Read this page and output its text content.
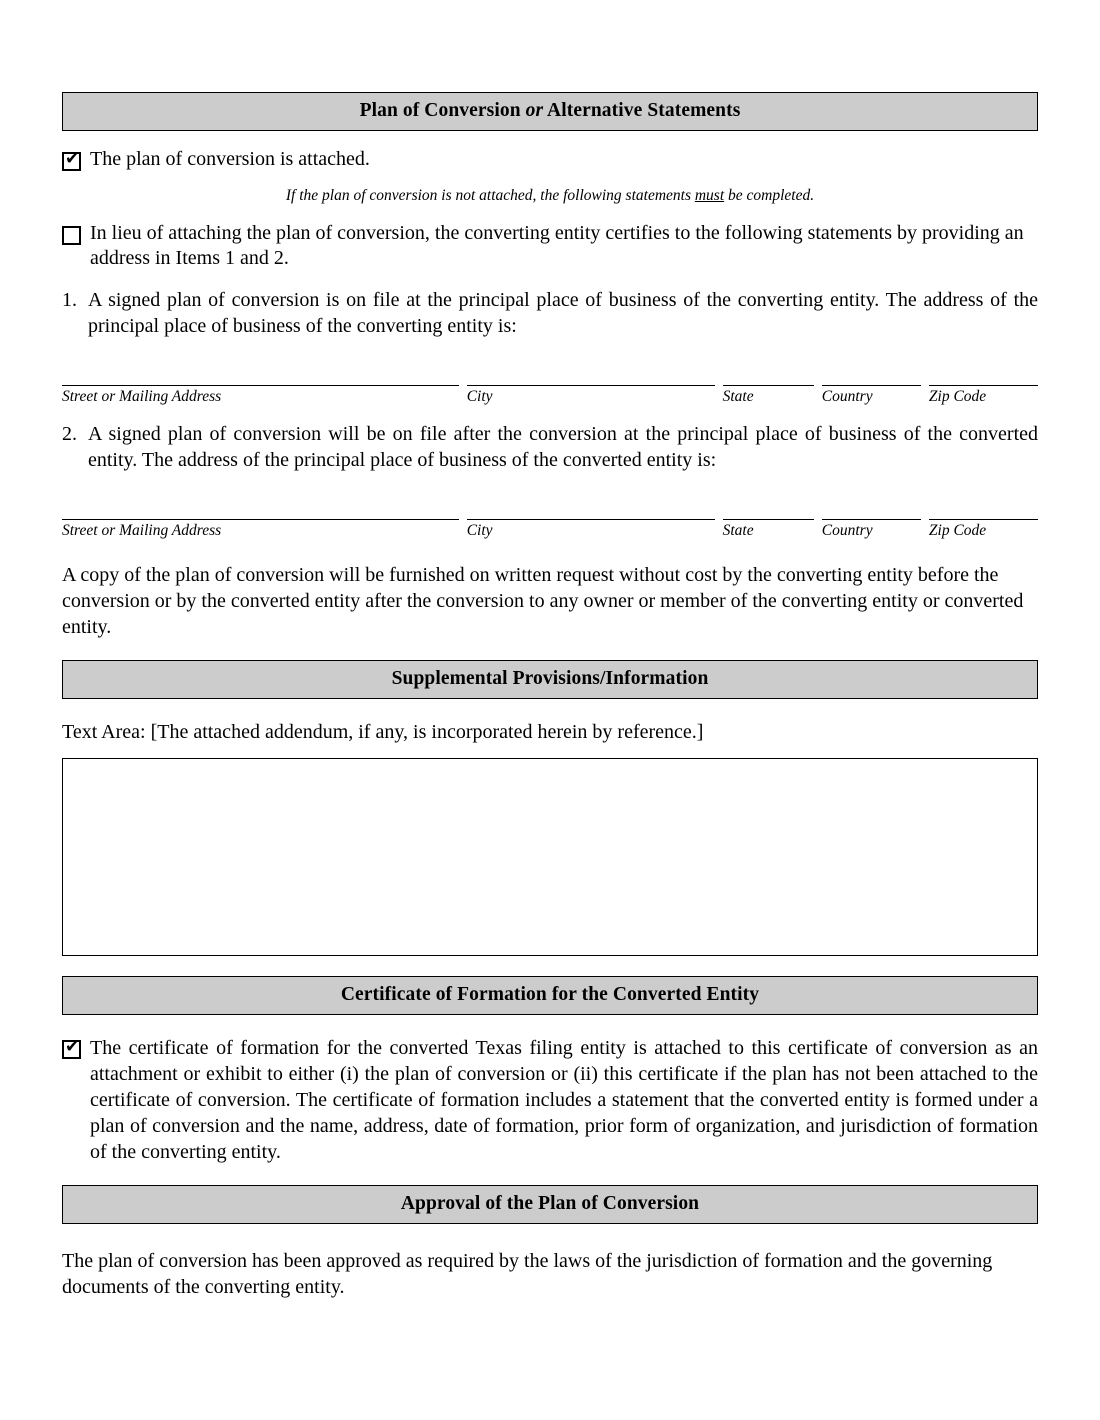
Plan of Conversion or Alternative Statements
✔
The plan of conversion is attached.
If the plan of conversion is not attached, the following statements must be completed.
In lieu of attaching the plan of conversion, the converting entity certifies to the following statements by providing an address in Items 1 and 2.
1. A signed plan of conversion is on file at the principal place of business of the converting entity. The address of the principal place of business of the converting entity is:
Street or Mailing Address	City	State	Country	Zip Code
2. A signed plan of conversion will be on file after the conversion at the principal place of business of the converted entity. The address of the principal place of business of the converted entity is:
Street or Mailing Address	City	State	Country	Zip Code
A copy of the plan of conversion will be furnished on written request without cost by the converting entity before the conversion or by the converted entity after the conversion to any owner or member of the converting entity or converted entity.
Supplemental Provisions/Information
Text Area: [The attached addendum, if any, is incorporated herein by reference.]
Certificate of Formation for the Converted Entity
✔
The certificate of formation for the converted Texas filing entity is attached to this certificate of conversion as an attachment or exhibit to either (i) the plan of conversion or (ii) this certificate if the plan has not been attached to the certificate of conversion. The certificate of formation includes a statement that the converted entity is formed under a plan of conversion and the name, address, date of formation, prior form of organization, and jurisdiction of formation of the converting entity.
Approval of the Plan of Conversion
The plan of conversion has been approved as required by the laws of the jurisdiction of formation and the governing documents of the converting entity.
